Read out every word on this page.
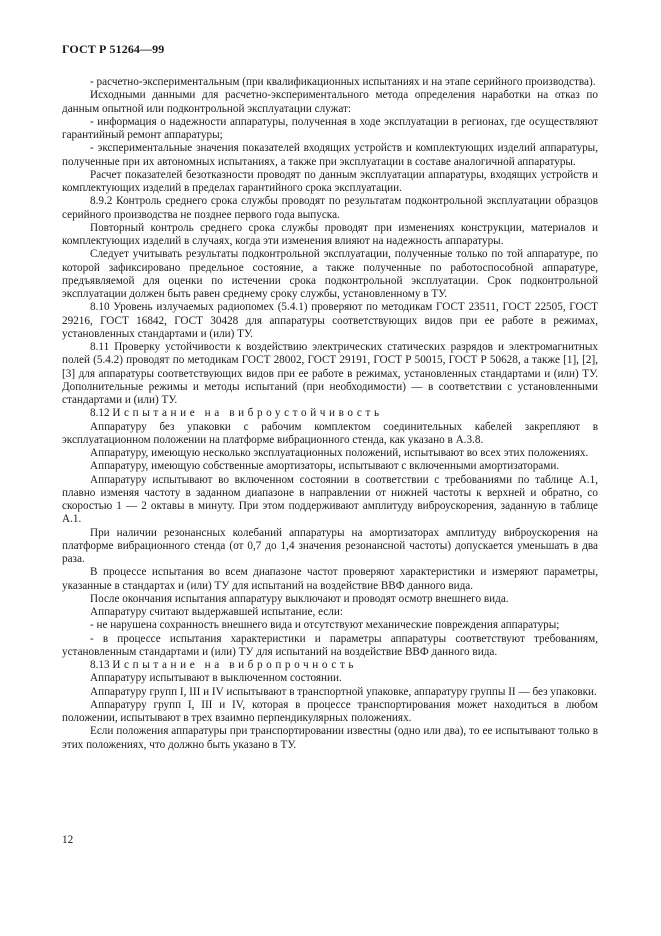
ГОСТ Р 51264—99

- расчетно-экспериментальным (при квалификационных испытаниях и на этапе серийного производства).

Исходными данными для расчетно-экспериментального метода определения наработки на отказ по данным опытной или подконтрольной эксплуатации служат:

- информация о надежности аппаратуры, полученная в ходе эксплуатации в регионах, где осуществляют гарантийный ремонт аппаратуры;

- экспериментальные значения показателей входящих устройств и комплектующих изделий аппаратуры, полученные при их автономных испытаниях, а также при эксплуатации в составе аналогичной аппаратуры.

Расчет показателей безотказности проводят по данным эксплуатации аппаратуры, входящих устройств и комплектующих изделий в пределах гарантийного срока эксплуатации.

8.9.2 Контроль среднего срока службы проводят по результатам подконтрольной эксплуатации образцов серийного производства не позднее первого года выпуска.

Повторный контроль среднего срока службы проводят при изменениях конструкции, материалов и комплектующих изделий в случаях, когда эти изменения влияют на надежность аппаратуры.

Следует учитывать результаты подконтрольной эксплуатации, полученные только по той аппаратуре, по которой зафиксировано предельное состояние, а также полученные по работоспособной аппаратуре, предъявляемой для оценки по истечении срока подконтрольной эксплуатации. Срок подконтрольной эксплуатации должен быть равен среднему сроку службы, установленному в ТУ.

8.10 Уровень излучаемых радиопомех (5.4.1) проверяют по методикам ГОСТ 23511, ГОСТ 22505, ГОСТ 29216, ГОСТ 16842, ГОСТ 30428 для аппаратуры соответствующих видов при ее работе в режимах, установленных стандартами и (или) ТУ.

8.11 Проверку устойчивости к воздействию электрических статических разрядов и электромагнитных полей (5.4.2) проводят по методикам ГОСТ 28002, ГОСТ 29191, ГОСТ Р 50015, ГОСТ Р 50628, а также [1], [2], [3] для аппаратуры соответствующих видов при ее работе в режимах, установленных стандартами и (или) ТУ. Дополнительные режимы и методы испытаний (при необходимости) — в соответствии с установленными стандартами и (или) ТУ.

8.12 Испытание на виброустойчивость

Аппаратуру без упаковки с рабочим комплектом соединительных кабелей закрепляют в эксплуатационном положении на платформе вибрационного стенда, как указано в А.3.8.

Аппаратуру, имеющую несколько эксплуатационных положений, испытывают во всех этих положениях.

Аппаратуру, имеющую собственные амортизаторы, испытывают с включенными амортизаторами.

Аппаратуру испытывают во включенном состоянии в соответствии с требованиями по таблице А.1, плавно изменяя частоту в заданном диапазоне в направлении от нижней частоты к верхней и обратно, со скоростью 1 — 2 октавы в минуту. При этом поддерживают амплитуду виброускорения, заданную в таблице А.1.

При наличии резонансных колебаний аппаратуры на амортизаторах амплитуду виброускорения на платформе вибрационного стенда (от 0,7 до 1,4 значения резонансной частоты) допускается уменьшать в два раза.

В процессе испытания во всем диапазоне частот проверяют характеристики и измеряют параметры, указанные в стандартах и (или) ТУ для испытаний на воздействие ВВФ данного вида.

После окончания испытания аппаратуру выключают и проводят осмотр внешнего вида.

Аппаратуру считают выдержавшей испытание, если:

- не нарушена сохранность внешнего вида и отсутствуют механические повреждения аппаратуры;

- в процессе испытания характеристики и параметры аппаратуры соответствуют требованиям, установленным стандартами и (или) ТУ для испытаний на воздействие ВВФ данного вида.

8.13 Испытание на вибропрочность

Аппаратуру испытывают в выключенном состоянии.

Аппаратуру групп I, III и IV испытывают в транспортной упаковке, аппаратуру группы II — без упаковки.

Аппаратуру групп I, III и IV, которая в процессе транспортирования может находиться в любом положении, испытывают в трех взаимно перпендикулярных положениях.

Если положения аппаратуры при транспортировании известны (одно или два), то ее испытывают только в этих положениях, что должно быть указано в ТУ.

12
